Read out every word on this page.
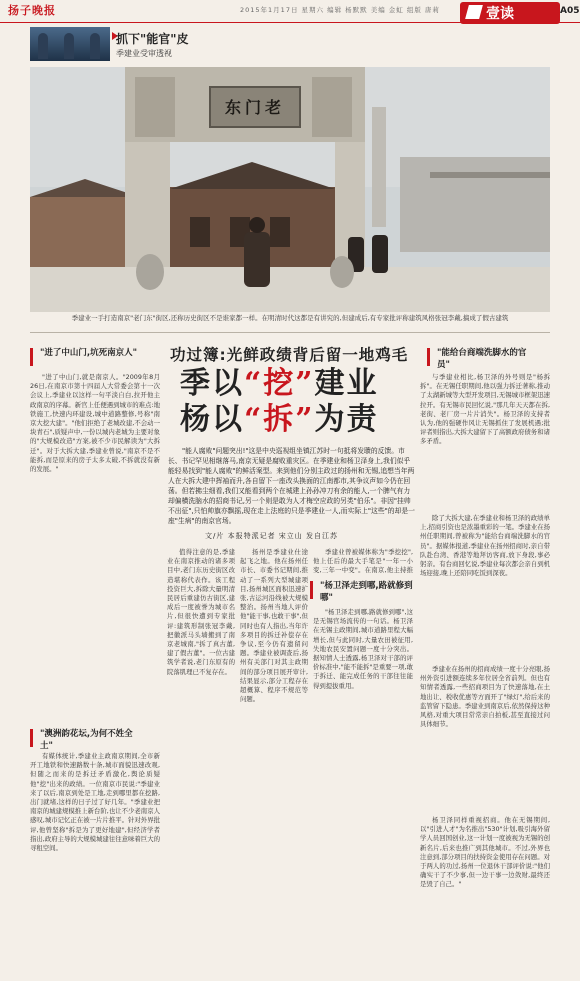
扬子晚报	2015年1月17日 星期六 编辑 杨默默 美编 金虹 组版 唐莉	壹读	A05
抓下"能官"皮
季建业受审透视
东门老
季建业一手打造南京"老门东"街区,还称历史街区不是谁家都一样。在明清时代这都是有讲究的,但建成后,有专家批评称建筑风格张冠李戴,搞成了假古建筑
功过簿:光鲜政绩背后留一地鸡毛
季以“挖”建业
杨以“拆”为责
"能人腐败"问题突出!"这是中央巡视组坐镇江苏时一句抵将发聩的反馈。市长、书记罕见相继落马,南京无疑是腐败重灾区。在季建业和杨卫泽身上,我们似乎能轻易找到"能人腐败"的鲜活案型。来到他们分别主政过的扬州和无锡,追想当年两人在大拆大建中挥袖而升,各自留下一座改头换面的江南都市,其争议声如今仍在回荡。但若拂尘细看,我们又能看到两个在城建上孙孙冲刀有余的能人,一个脾气有力却偏横洗脑水的招商书记,另一个则是敢为人才梅空应政的另类"伯乐"。非因"挂帅不出征",只怕帅旗亦飘摇,现在走上法庭的只是季建业一人,而实际上"这些"的却是一座"生病"的南京官场。
文/片 本报特派记者 宋立山 发自江苏
"进了中山门,坑死南京人"
"澳洲韵花坛,为何不姓全土"
"杨卫泽走到哪,路就修到哪"
"能给台商端洗脚水的官员"
"进了中山门,就是南京人。"2009年8月26日,在南京市第十四届人大常委会第十一次会议上,季建业以这样一句平淡自白,拉开他主政南京的序幕。新官上任便遇到城市的难点:地铁施工,快速内环建设,城中道路整修,号称"南京大挖大建"。"他们拒绝了老城改建,不会动一块青石",质疑声中,一份以城内老城为主要对象的"大规模改造"方案,被不少市民解读为"大拆迁"。对于大拆大建,季建业曾说,"南京不是不能拆,而是原来的房子太多太破,不拆就没有新的发展。"
有媒体统计,季建业主政南京期间,全市新开工地铁和快速路数十条,城市面貌迅速改观,但随之而来的是拆迁矛盾激化,舆论质疑他"挖"出来的政绩。一位南京市民说:"季建业来了以后,南京到处是工地,走到哪里都在挖路,出门就堵,这样的日子过了好几年。"季建业把南京的城建规模推上新台阶,也让不少老南京人感叹,城市记忆正在被一片片推平。针对外界批评,他曾坚称"拆是为了更好地建",但经济学者指出,政府主导的大规模城建往往意味着巨大的寻租空间。
值得注意的是,季建业在南京推动的诸多项目中,老门东历史街区改造堪称代表作。该工程投资巨大,拆除大量明清民居后重建仿古街区,建成后一度被誉为城市名片,但很快遭到专家批评:建筑形制张冠李戴,把徽派马头墙搬到了南京老城南,"拆了真古董,建了假古董"。一位古建筑学者说,老门东原有的院落肌理已不复存在。
扬州是季建业仕途起飞之地。他在扬州任市长、市委书记期间,推动了一系列大型城建项目,扬州城区面积迅速扩张,古运河沿线被大规模整治。扬州当地人评价他"能干事,也敢干事",但同时也有人指出,当年许多项目的拆迁补偿存在争议,至今仍有遗留问题。季建业被调查后,扬州有关部门对其主政期间的部分项目展开审计,结果显示,部分工程存在超概算、程序不规范等问题。
季建业曾被媒体称为"季挖挖",他上任后的最大手笔是"一年一小变,三年一中变"。在南京,他主持推
"杨卫泽走到哪,路就修到哪",这是无锡官场流传的一句话。杨卫泽在无锡主政期间,城市道路里程大幅增长,但与此同时,大量农田被征用,失地农民安置问题一度十分突出。据知情人士透露,杨卫泽对干部的评价标准中,"能不能拆"是重要一项,敢于拆迁、能完成任务的干部往往能得到提拔重用。
与季建业相比,杨卫泽的外号则是"杨拆拆"。在无锡任职期间,他以强力拆迁著称,推动了太湖新城等大型开发项目,无锡城市框架迅速拉开。有无锡市民回忆说,"那几年天天都在拆,老街、老厂房一片片消失"。杨卫泽的支持者认为,他的强硬作风让无锡抓住了发展机遇;批评者则指出,大拆大建留下了高额政府债务和诸多矛盾。
除了大拆大建,在季建业和杨卫泽的政绩单上,招商引资也是浓墨重彩的一笔。季建业在扬州任职期间,曾被称为"能给台商端洗脚水的官员"。据媒体报道,季建业在扬州招商时,亲自带队赴台湾、香港等地拜访客商,放下身段,事必躬亲。有台商回忆说,季建业每次都会亲自到机场迎接,晚上还陪同吃饭到深夜。
季建业在扬州的招商成绩一度十分亮眼,扬州外资引进额连续多年位居全省前列。但也有知情者透露,一些招商项目为了快速落地,在土地出让、税收优惠等方面开了"绿灯",给后来的监管留下隐患。季建业到南京后,依然保持这种风格,对重大项目常常亲自拍板,甚至直接过问具体细节。
杨卫泽同样重视招商。他在无锡期间,以"引进人才"为名推出"530"计划,吸引海外留学人员回国创业,这一计划一度被视为无锡的创新名片,后来也推广到其他城市。不过,外界也注意到,部分项目的扶持资金使用存在问题。对于两人的功过,扬州一位退休干部评价说:"他们确实干了不少事,但一边干事一边敛财,最终还是毁了自己。"
